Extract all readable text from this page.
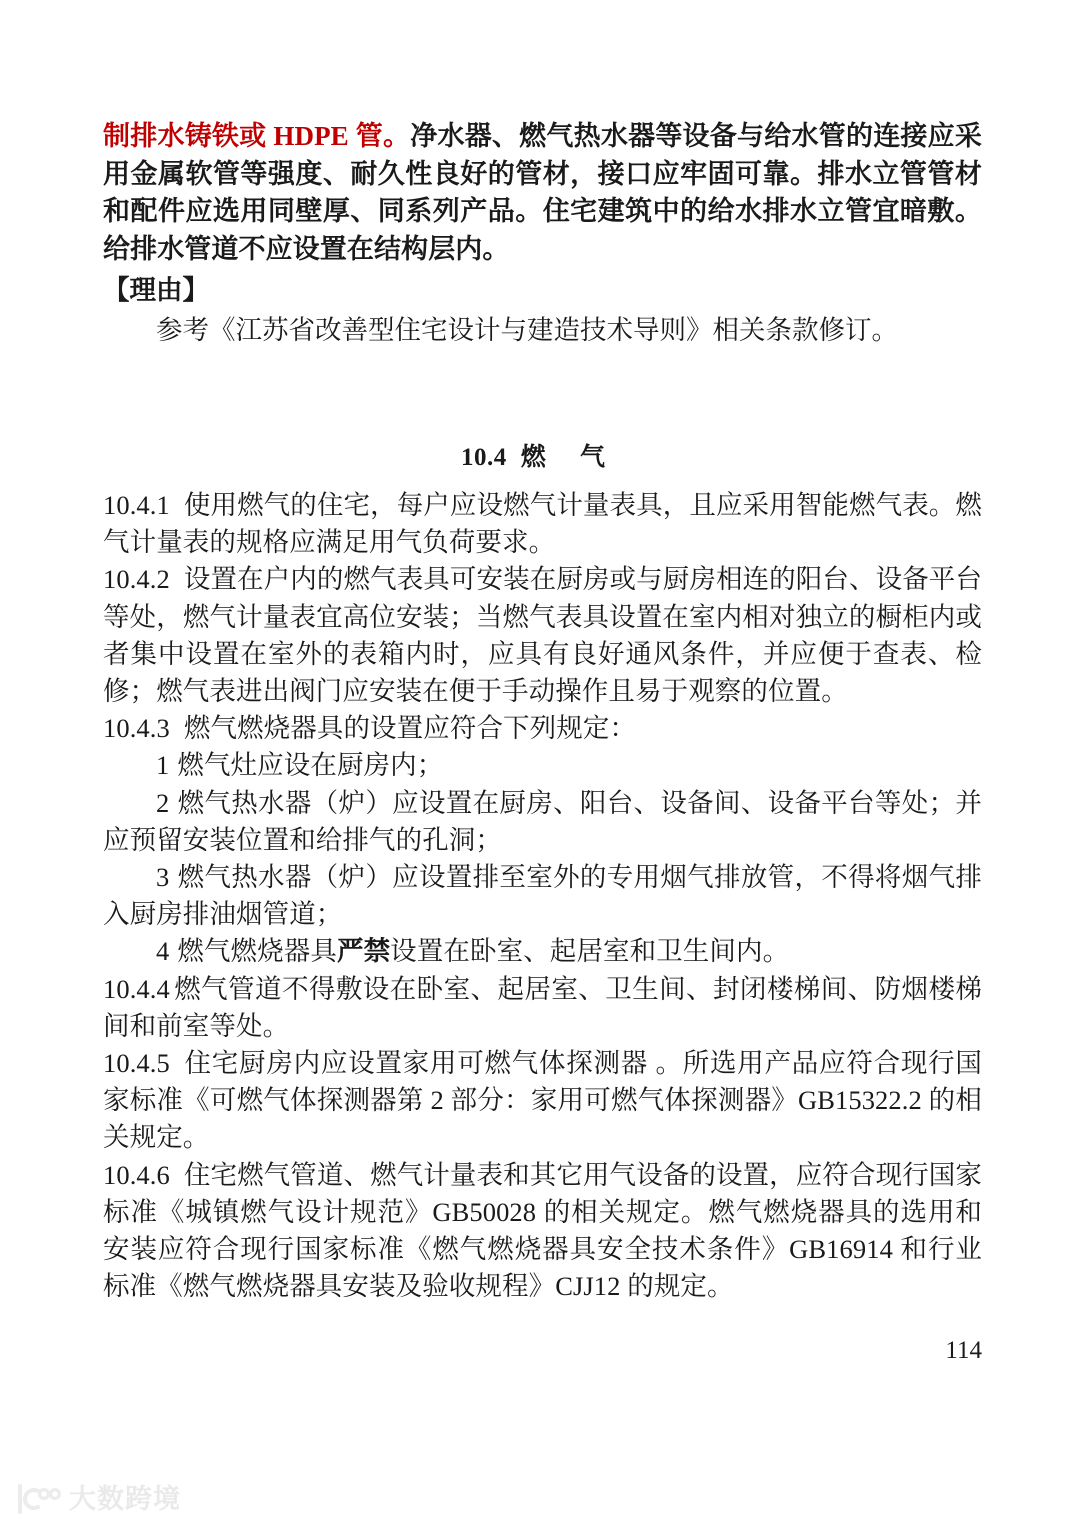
制排水铸铁或 HDPE 管。净水器、燃气热水器等设备与给水管的连接应采用金属软管等强度、耐久性良好的管材，接口应牢固可靠。排水立管管材和配件应选用同壁厚、同系列产品。住宅建筑中的给水排水立管宜暗敷。给排水管道不应设置在结构层内。

【理由】

参考《江苏省改善型住宅设计与建造技术导则》相关条款修订。

10.4 燃 气

10.4.1 使用燃气的住宅，每户应设燃气计量表具，且应采用智能燃气表。燃气计量表的规格应满足用气负荷要求。

10.4.2 设置在户内的燃气表具可安装在厨房或与厨房相连的阳台、设备平台等处，燃气计量表宜高位安装；当燃气表具设置在室内相对独立的橱柜内或者集中设置在室外的表箱内时，应具有良好通风条件，并应便于查表、检修；燃气表进出阀门应安装在便于手动操作且易于观察的位置。

10.4.3 燃气燃烧器具的设置应符合下列规定：

1 燃气灶应设在厨房内；

2 燃气热水器（炉）应设置在厨房、阳台、设备间、设备平台等处；并应预留安装位置和给排气的孔洞；

3 燃气热水器（炉）应设置排至室外的专用烟气排放管，不得将烟气排入厨房排油烟管道；

4 燃气燃烧器具严禁设置在卧室、起居室和卫生间内。

10.4.4 燃气管道不得敷设在卧室、起居室、卫生间、封闭楼梯间、防烟楼梯间和前室等处。

10.4.5 住宅厨房内应设置家用可燃气体探测器 。所选用产品应符合现行国家标准《可燃气体探测器第 2 部分：家用可燃气体探测器》GB15322.2 的相关规定。

10.4.6 住宅燃气管道、燃气计量表和其它用气设备的设置，应符合现行国家标准《城镇燃气设计规范》GB50028 的相关规定。燃气燃烧器具的选用和安装应符合现行国家标准《燃气燃烧器具安全技术条件》GB16914 和行业标准《燃气燃烧器具安装及验收规程》CJJ12 的规定。

114
大数跨境
